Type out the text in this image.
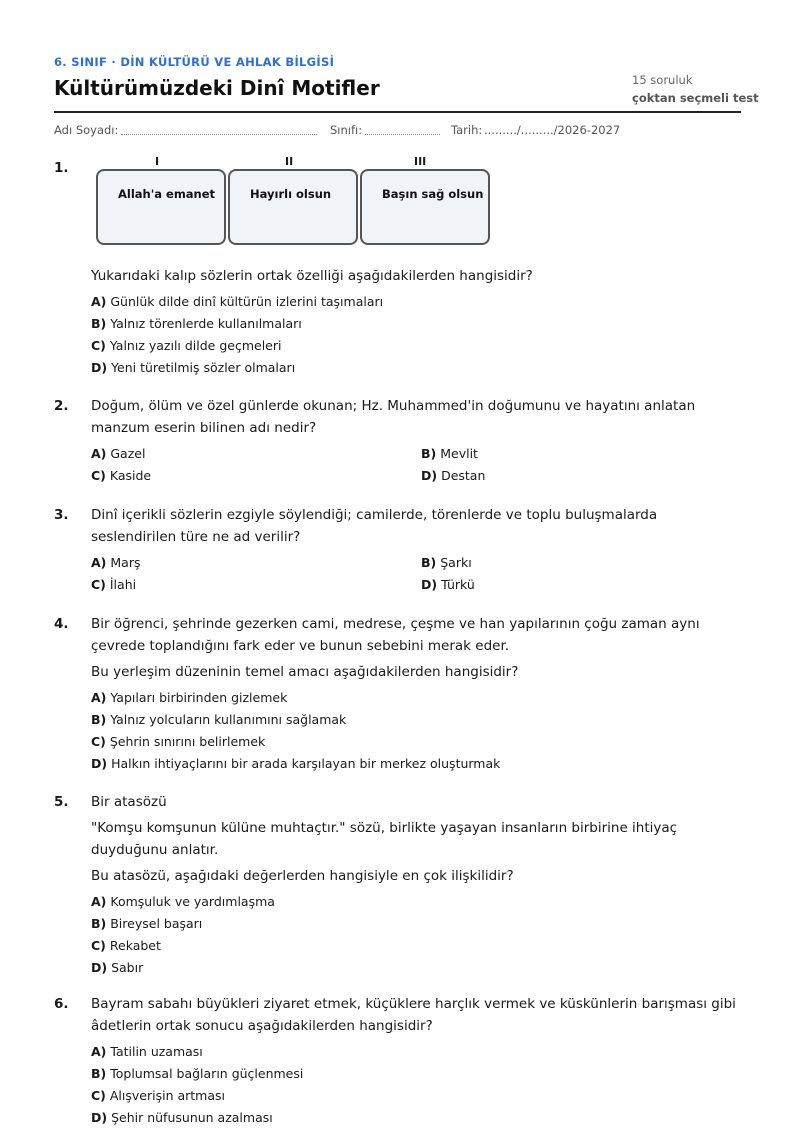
6. SINIF · DİN KÜLTÜRÜ VE AHLAK BİLGİSİ
Kültürümüzdeki Dinî Motifler	15 soruluk
çoktan seçmeli test
Adı Soyadı:	Sınıfı:	Tarih: ........./........./2026-2027
1.	I	II	III
Allah'a emanet	Hayırlı olsun	Başın sağ olsun
Yukarıdaki kalıp sözlerin ortak özelliği aşağıdakilerden hangisidir?
A) Günlük dilde dinî kültürün izlerini taşımaları
B) Yalnız törenlerde kullanılmaları
C) Yalnız yazılı dilde geçmeleri
D) Yeni türetilmiş sözler olmaları
2. Doğum, ölüm ve özel günlerde okunan; Hz. Muhammed'in doğumunu ve hayatını anlatan manzum eserin bilinen adı nedir?
A) Gazel	B) Mevlit
C) Kaside	D) Destan
3. Dinî içerikli sözlerin ezgiyle söylendiği; camilerde, törenlerde ve toplu buluşmalarda seslendirilen türe ne ad verilir?
A) Marş	B) Şarkı
C) İlahi	D) Türkü
4. Bir öğrenci, şehrinde gezerken cami, medrese, çeşme ve han yapılarının çoğu zaman aynı çevrede toplandığını fark eder ve bunun sebebini merak eder.
Bu yerleşim düzeninin temel amacı aşağıdakilerden hangisidir?
A) Yapıları birbirinden gizlemek
B) Yalnız yolcuların kullanımını sağlamak
C) Şehrin sınırını belirlemek
D) Halkın ihtiyaçlarını bir arada karşılayan bir merkez oluşturmak
5. Bir atasözü
"Komşu komşunun külüne muhtaçtır." sözü, birlikte yaşayan insanların birbirine ihtiyaç duyduğunu anlatır.
Bu atasözü, aşağıdaki değerlerden hangisiyle en çok ilişkilidir?
A) Komşuluk ve yardımlaşma
B) Bireysel başarı
C) Rekabet
D) Sabır
6. Bayram sabahı büyükleri ziyaret etmek, küçüklere harçlık vermek ve küskünlerin barışması gibi âdetlerin ortak sonucu aşağıdakilerden hangisidir?
A) Tatilin uzaması
B) Toplumsal bağların güçlenmesi
C) Alışverişin artması
D) Şehir nüfusunun azalması
